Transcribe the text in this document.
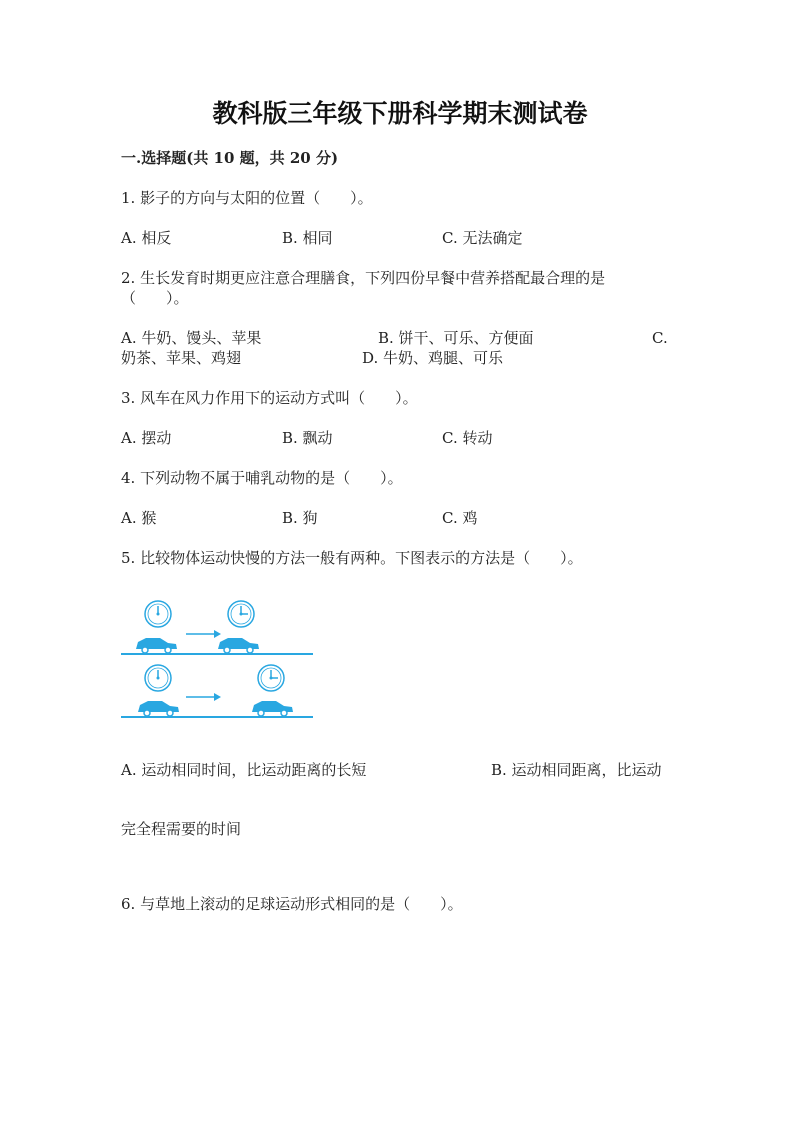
教科版三年级下册科学期末测试卷
一.选择题(共 10 题，共 20 分)
1. 影子的方向与太阳的位置（　　）。
A. 相反	B. 相同	C. 无法确定
2. 生长发育时期更应注意合理膳食，下列四份早餐中营养搭配最合理的是
（　　）。
A. 牛奶、馒头、苹果	B. 饼干、可乐、方便面	C.
奶茶、苹果、鸡翅	D. 牛奶、鸡腿、可乐
3. 风车在风力作用下的运动方式叫（　　）。
A. 摆动	B. 飘动	C. 转动
4. 下列动物不属于哺乳动物的是（　　）。
A. 猴	B. 狗	C. 鸡
5. 比较物体运动快慢的方法一般有两种。下图表示的方法是（　　）。
A. 运动相同时间，比运动距离的长短	B. 运动相同距离，比运动
完全程需要的时间
6. 与草地上滚动的足球运动形式相同的是（　　）。
